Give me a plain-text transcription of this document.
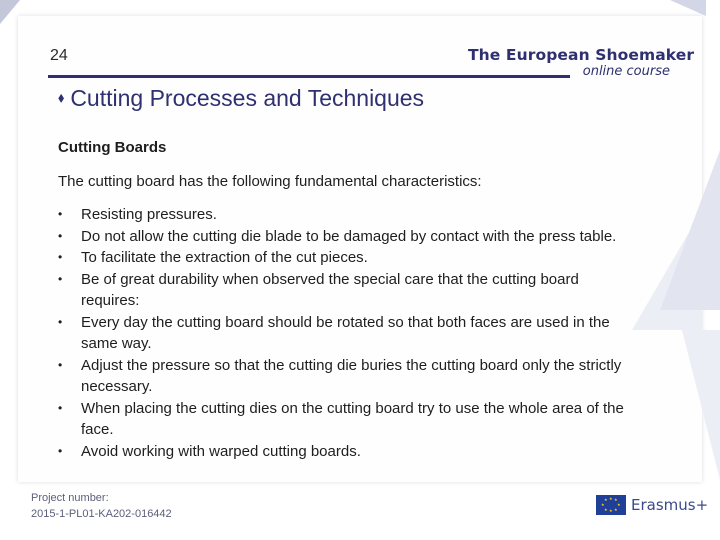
24	The European Shoemaker
online course
⬧ Cutting Processes and Techniques
Cutting Boards
The cutting board has the following fundamental characteristics:
• Resisting pressures.
• Do not allow the cutting die blade to be damaged by contact with the press table.
• To facilitate the extraction of the cut pieces.
• Be of great durability when observed the special care that the cutting board requires:
• Every day the cutting board should be rotated so that both faces are used in the same way.
• Adjust the pressure so that the cutting die buries the cutting board only the strictly necessary.
• When placing the cutting dies on the cutting board try to use the whole area of the face.
• Avoid working with warped cutting boards.
Project number:
2015-1-PL01-KA202-016442
★ ★
★
★
★
★
★
★ Erasmus+
